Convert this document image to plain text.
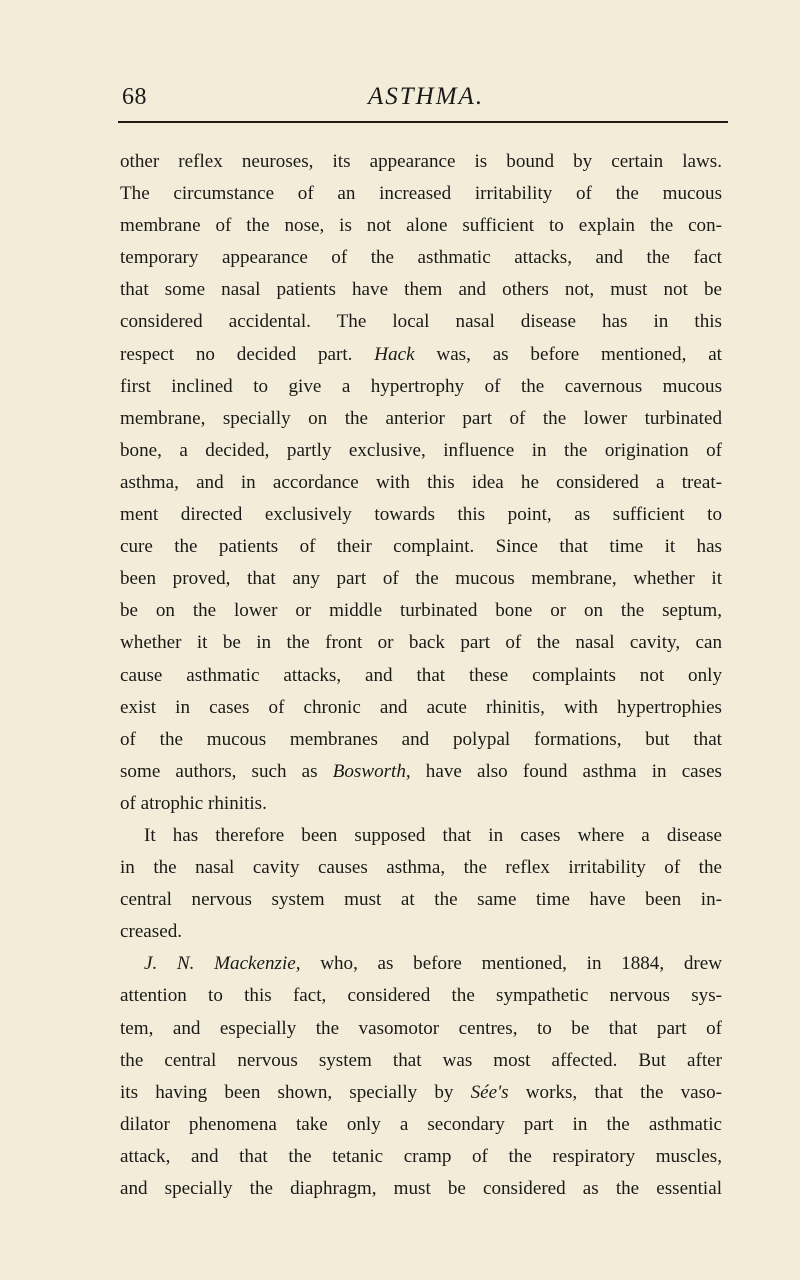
68	ASTHMA.
other reflex neuroses, its appearance is bound by certain laws.
The circumstance of an increased irritability of the mucous
membrane of the nose, is not alone sufficient to explain the con-
temporary appearance of the asthmatic attacks, and the fact
that some nasal patients have them and others not, must not be
considered accidental. The local nasal disease has in this
respect no decided part. Hack was, as before mentioned, at
first inclined to give a hypertrophy of the cavernous mucous
membrane, specially on the anterior part of the lower turbinated
bone, a decided, partly exclusive, influence in the origination of
asthma, and in accordance with this idea he considered a treat-
ment directed exclusively towards this point, as sufficient to
cure the patients of their complaint. Since that time it has
been proved, that any part of the mucous membrane, whether it
be on the lower or middle turbinated bone or on the septum,
whether it be in the front or back part of the nasal cavity, can
cause asthmatic attacks, and that these complaints not only
exist in cases of chronic and acute rhinitis, with hypertrophies
of the mucous membranes and polypal formations, but that
some authors, such as Bosworth, have also found asthma in cases
of atrophic rhinitis.
It has therefore been supposed that in cases where a disease
in the nasal cavity causes asthma, the reflex irritability of the
central nervous system must at the same time have been in-
creased.
J. N. Mackenzie, who, as before mentioned, in 1884, drew
attention to this fact, considered the sympathetic nervous sys-
tem, and especially the vasomotor centres, to be that part of
the central nervous system that was most affected. But after
its having been shown, specially by Sée's works, that the vaso-
dilator phenomena take only a secondary part in the asthmatic
attack, and that the tetanic cramp of the respiratory muscles,
and specially the diaphragm, must be considered as the essential
